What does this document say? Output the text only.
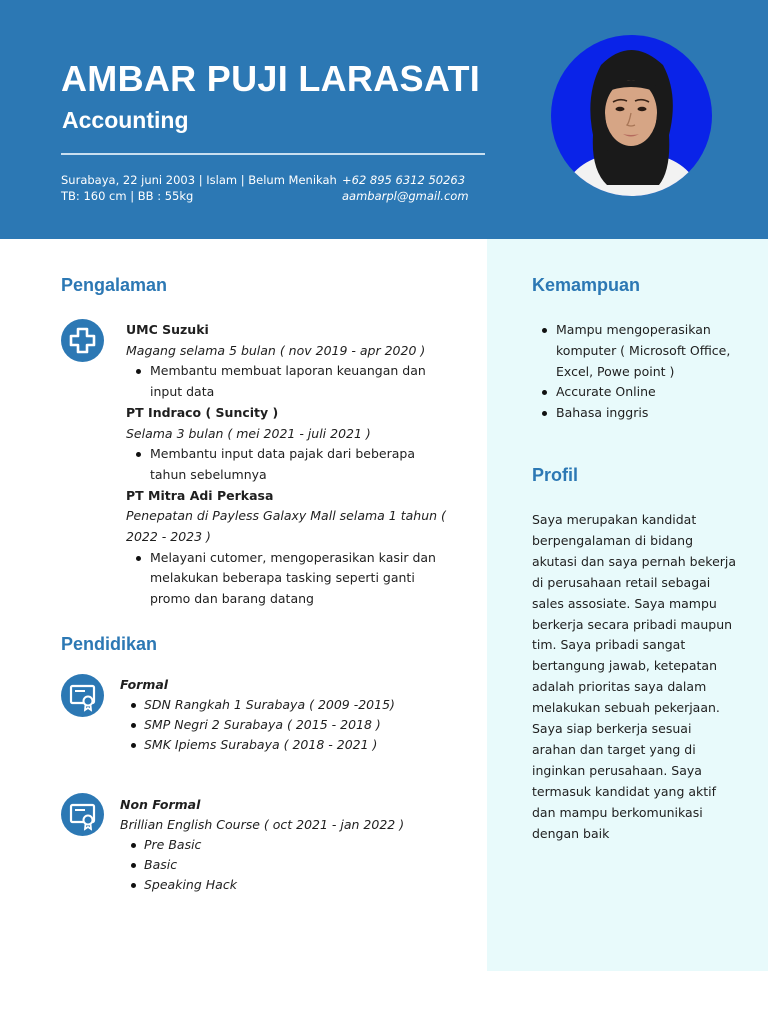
AMBAR PUJI LARASATI
Accounting
Surabaya, 22 juni 2003 | Islam | Belum Menikah
TB: 160 cm | BB : 55kg
+62 895 6312 50263
aambarpl@gmail.com
Pengalaman
UMC Suzuki
Magang selama 5 bulan ( nov 2019 - apr 2020 )
Membantu membuat laporan keuangan dan input data
PT Indraco ( Suncity )
Selama 3 bulan ( mei 2021 - juli 2021 )
Membantu input data pajak dari beberapa tahun sebelumnya
PT Mitra Adi Perkasa
Penepatan di Payless Galaxy Mall selama 1 tahun ( 2022 - 2023 )
Melayani cutomer, mengoperasikan kasir dan melakukan beberapa tasking seperti ganti promo dan barang datang
Pendidikan
Formal
SDN Rangkah 1 Surabaya ( 2009 -2015)
SMP Negri 2 Surabaya ( 2015 - 2018 )
SMK Ipiems Surabaya ( 2018 - 2021 )
Non Formal
Brillian English Course ( oct 2021 - jan 2022 )
Pre Basic
Basic
Speaking Hack
Kemampuan
Mampu mengoperasikan komputer ( Microsoft Office, Excel, Powe point )
Accurate Online
Bahasa inggris
Profil
Saya merupakan kandidat berpengalaman di bidang akutasi dan saya pernah bekerja di perusahaan retail sebagai sales assosiate. Saya mampu berkerja secara pribadi maupun tim. Saya pribadi sangat bertangung jawab, ketepatan adalah prioritas saya dalam melakukan sebuah pekerjaan. Saya siap berkerja sesuai arahan dan target yang di inginkan perusahaan. Saya termasuk kandidat yang aktif dan mampu berkomunikasi dengan baik
